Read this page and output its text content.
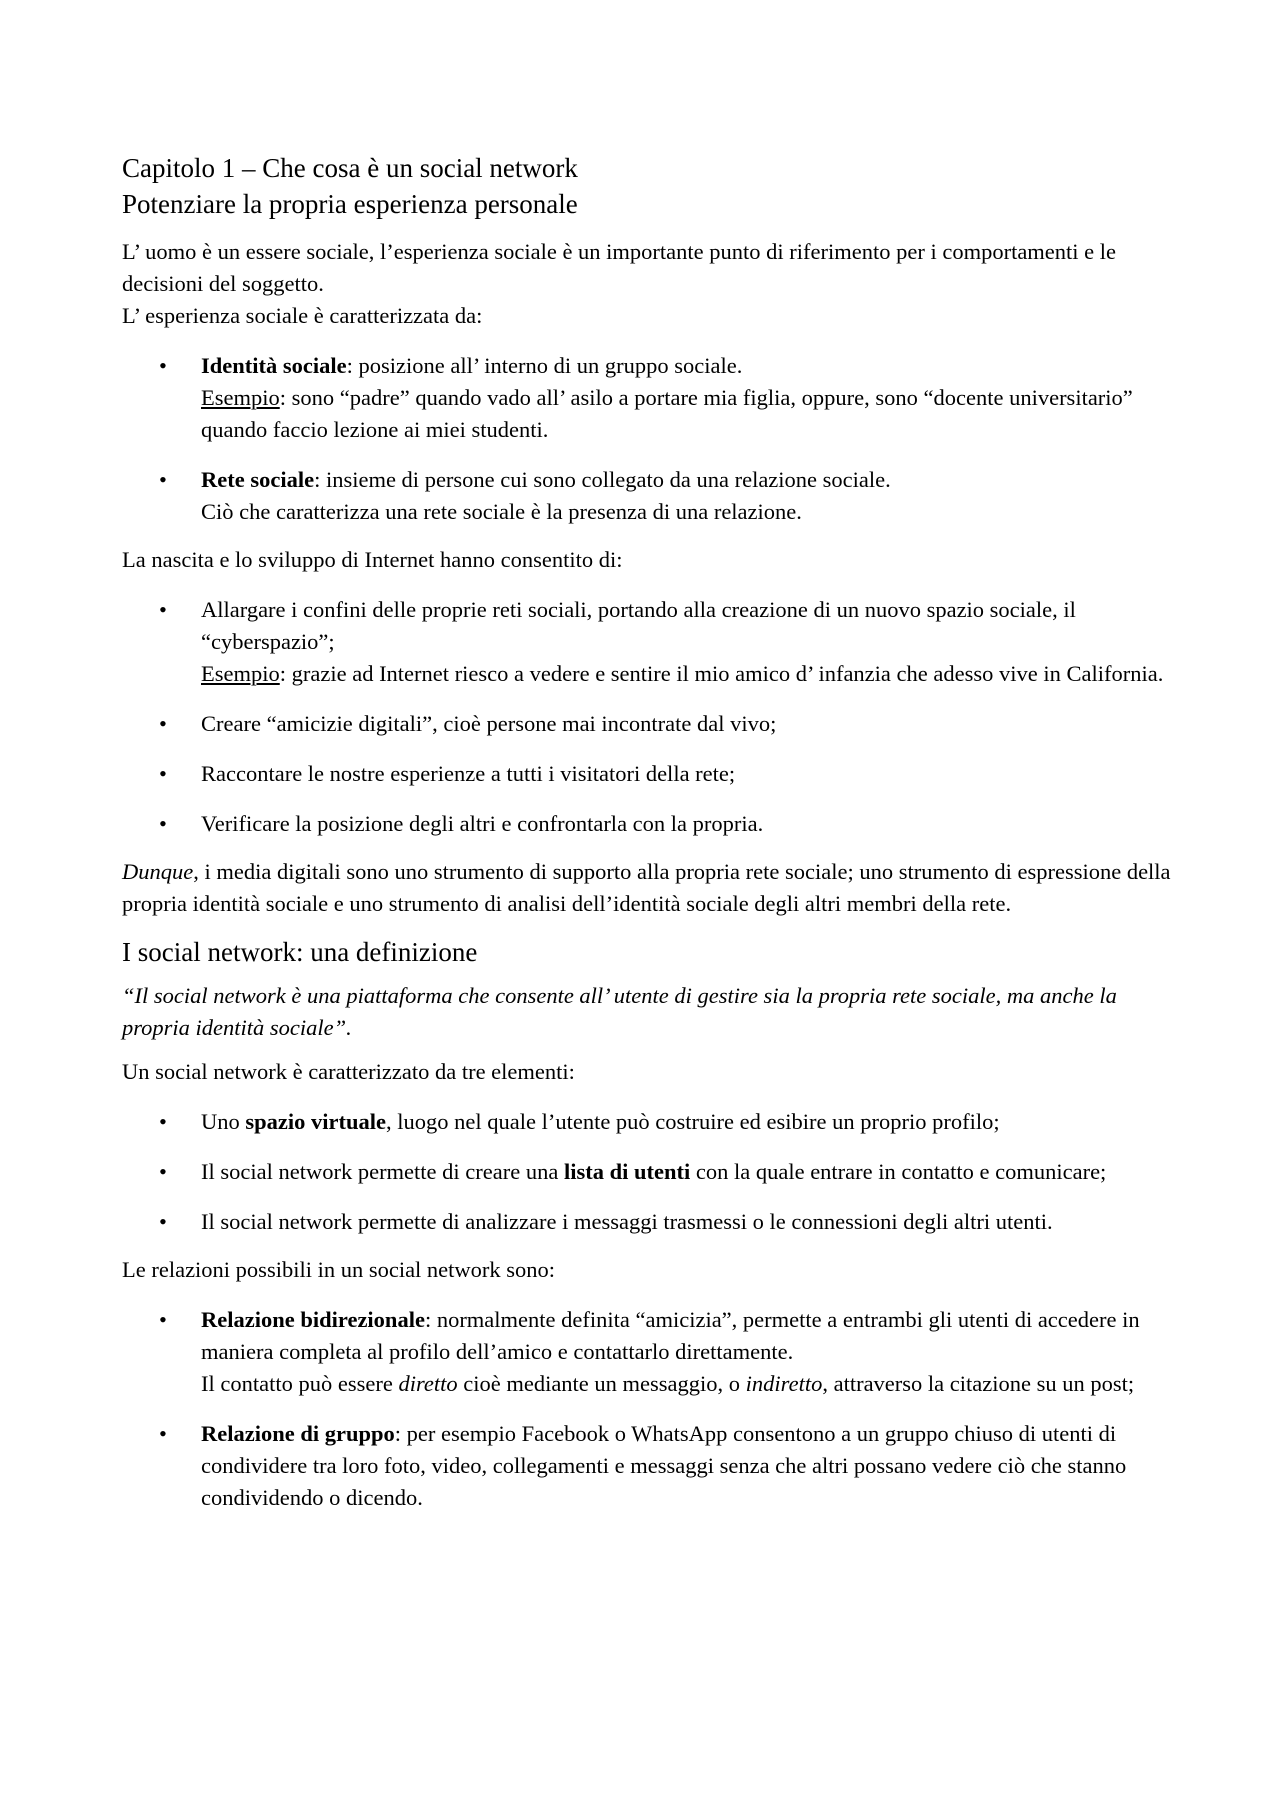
Capitolo 1 – Che cosa è un social network
Potenziare la propria esperienza personale

L’ uomo è un essere sociale, l’esperienza sociale è un importante punto di riferimento per i comportamenti e le decisioni del soggetto.

L’ esperienza sociale è caratterizzata da:

• Identità sociale: posizione all’ interno di un gruppo sociale.
Esempio: sono “padre” quando vado all’ asilo a portare mia figlia, oppure, sono “docente universitario” quando faccio lezione ai miei studenti.
• Rete sociale: insieme di persone cui sono collegato da una relazione sociale.
Ciò che caratterizza una rete sociale è la presenza di una relazione.

La nascita e lo sviluppo di Internet hanno consentito di:

• Allargare i confini delle proprie reti sociali, portando alla creazione di un nuovo spazio sociale, il “cyberspazio”;
Esempio: grazie ad Internet riesco a vedere e sentire il mio amico d’ infanzia che adesso vive in California.
• Creare “amicizie digitali”, cioè persone mai incontrate dal vivo;
• Raccontare le nostre esperienze a tutti i visitatori della rete;
• Verificare la posizione degli altri e confrontarla con la propria.

Dunque, i media digitali sono uno strumento di supporto alla propria rete sociale; uno strumento di espressione della propria identità sociale e uno strumento di analisi dell’identità sociale degli altri membri della rete.

I social network: una definizione

“Il social network è una piattaforma che consente all’ utente di gestire sia la propria rete sociale, ma anche la propria identità sociale”.

Un social network è caratterizzato da tre elementi:

• Uno spazio virtuale, luogo nel quale l’utente può costruire ed esibire un proprio profilo;
• Il social network permette di creare una lista di utenti con la quale entrare in contatto e comunicare;
• Il social network permette di analizzare i messaggi trasmessi o le connessioni degli altri utenti.

Le relazioni possibili in un social network sono:

• Relazione bidirezionale: normalmente definita “amicizia”, permette a entrambi gli utenti di accedere in maniera completa al profilo dell’amico e contattarlo direttamente.
Il contatto può essere diretto cioè mediante un messaggio, o indiretto, attraverso la citazione su un post;
• Relazione di gruppo: per esempio Facebook o WhatsApp consentono a un gruppo chiuso di utenti di condividere tra loro foto, video, collegamenti e messaggi senza che altri possano vedere ciò che stanno condividendo o dicendo.
